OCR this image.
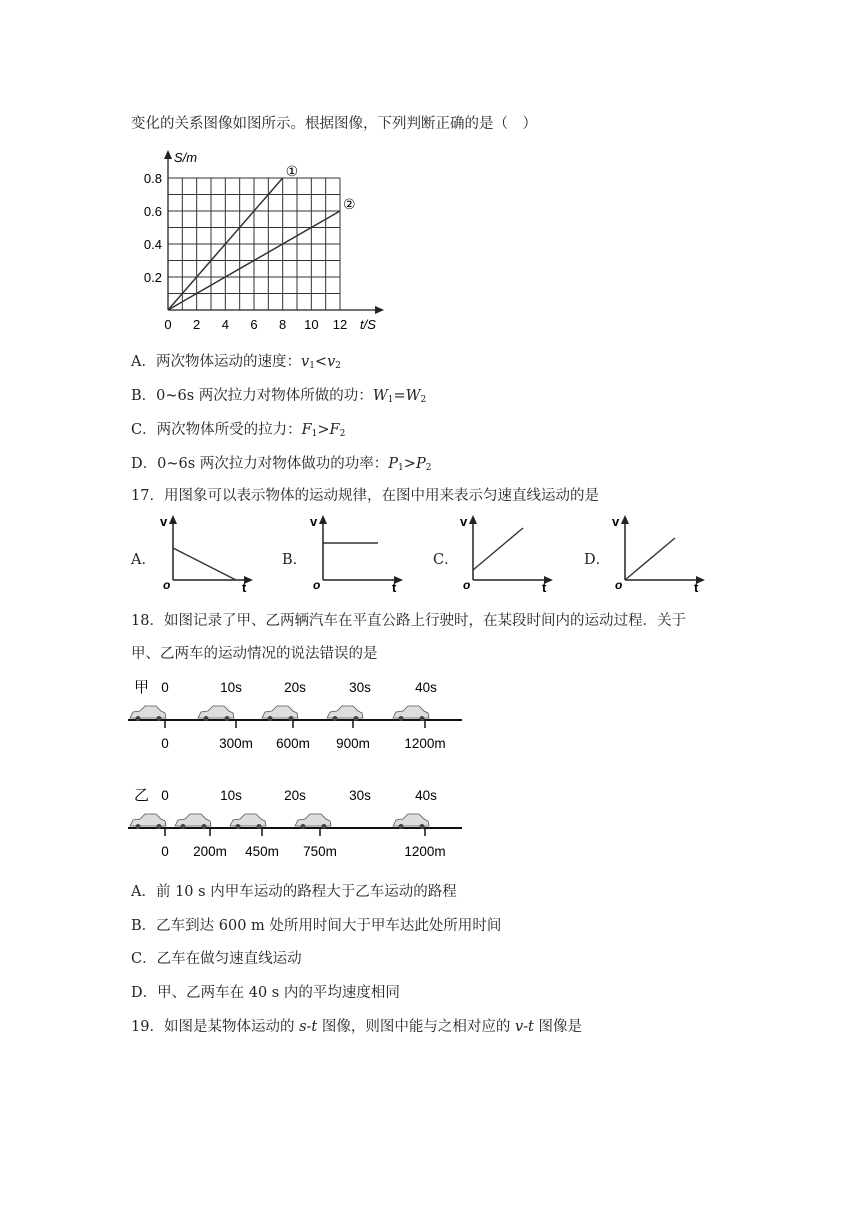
变化的关系图像如图所示。根据图像，下列判断正确的是（　）
0 2 4 6 8 10 12
0.2
0.4
0.6
0.8
S/m
t/S
①
②
A．两次物体运动的速度：$v_1<v_2$
B．0~6s 两次拉力对物体所做的功：$W_1=W_2$
C．两次物体所受的拉力：$F_1>F_2$
D．0~6s 两次拉力对物体做功的功率：$P_1>P_2$
17．用图象可以表示物体的运动规律，在图中用来表示匀速直线运动的是
A．
v
t
o
B．
v
t
o
C．
v
t
o
D．
v
t
o
18．如图记录了甲、乙两辆汽车在平直公路上行驶时，在某段时间内的运动过程．关于
甲、乙两车的运动情况的说法错误的是
甲 0	10s	20s	30s	40s
0	300m 600m 900m	1200m
乙 0	10s	20s	30s	40s
0 200m 450m 750m	1200m
A．前 10 s 内甲车运动的路程大于乙车运动的路程
B．乙车到达 600 m 处所用时间大于甲车达此处所用时间
C．乙车在做匀速直线运动
D．甲、乙两车在 40 s 内的平均速度相同
19．如图是某物体运动的 s-t 图像，则图中能与之相对应的 v-t 图像是
